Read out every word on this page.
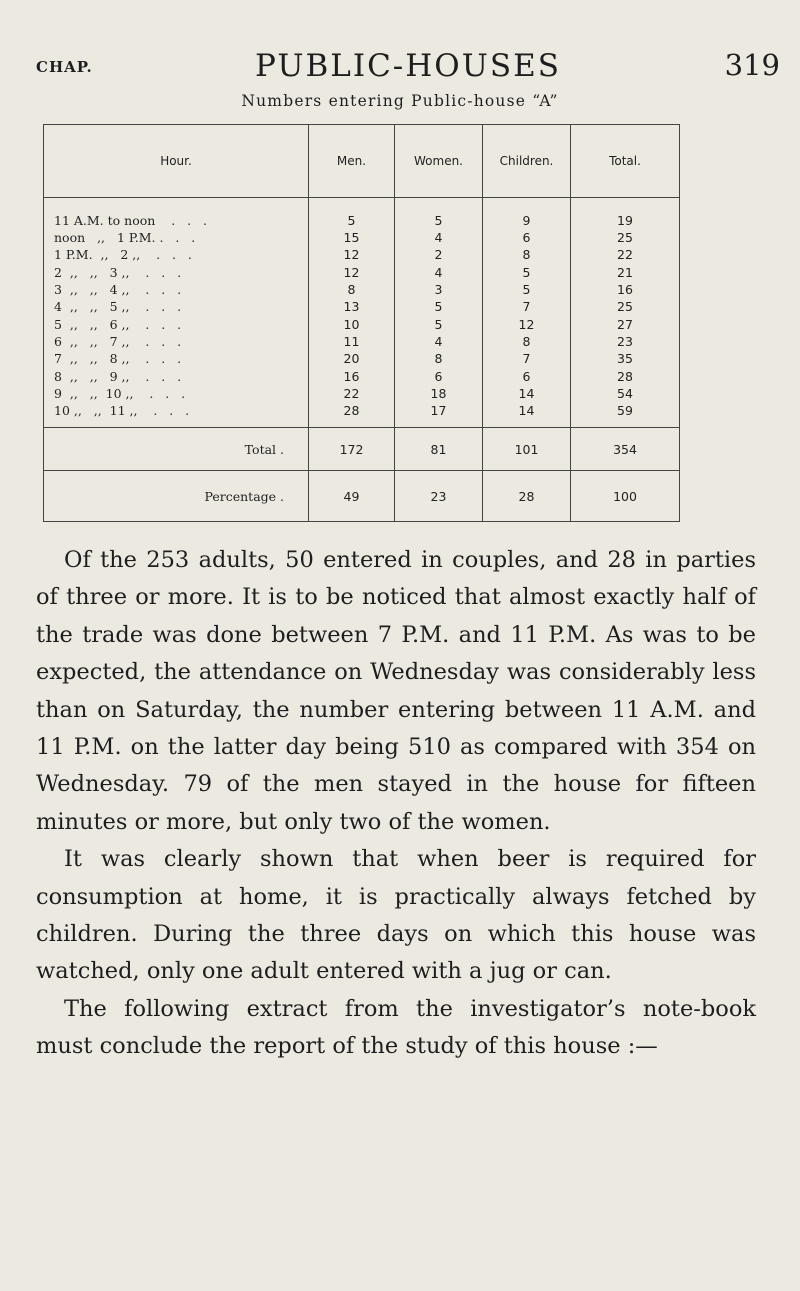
CHAP.	PUBLIC-HOUSES	319
Numbers entering Public-house “A”
Hour.	Men.	Women.	Children.	Total.
11 A.M. to noon    .   .   .	5	5	9	19
noon   ,,   1 P.M. .   .   .	15	4	6	25
1 P.M.  ,,   2 ,,    .   .   .	12	2	8	22
2  ,,   ,,   3 ,,    .   .   .	12	4	5	21
3  ,,   ,,   4 ,,    .   .   .	8	3	5	16
4  ,,   ,,   5 ,,    .   .   .	13	5	7	25
5  ,,   ,,   6 ,,    .   .   .	10	5	12	27
6  ,,   ,,   7 ,,    .   .   .	11	4	8	23
7  ,,   ,,   8 ,,    .   .   .	20	8	7	35
8  ,,   ,,   9 ,,    .   .   .	16	6	6	28
9  ,,   ,,  10 ,,    .   .   .	22	18	14	54
10 ,,   ,,  11 ,,    .   .   .	28	17	14	59
Total .	172	81	101	354
Percentage .	49	23	28	100

Of the 253 adults, 50 entered in couples, and 28 in parties of three or more. It is to be noticed that almost exactly half of the trade was done between 7 P.M. and 11 P.M. As was to be expected, the attendance on Wednesday was considerably less than on Saturday, the number entering between 11 A.M. and 11 P.M. on the latter day being 510 as compared with 354 on Wednesday. 79 of the men stayed in the house for fifteen minutes or more, but only two of the women.

It was clearly shown that when beer is required for consumption at home, it is practically always fetched by children. During the three days on which this house was watched, only one adult entered with a jug or can.

The following extract from the investigator’s note-book must conclude the report of the study of this house :—
